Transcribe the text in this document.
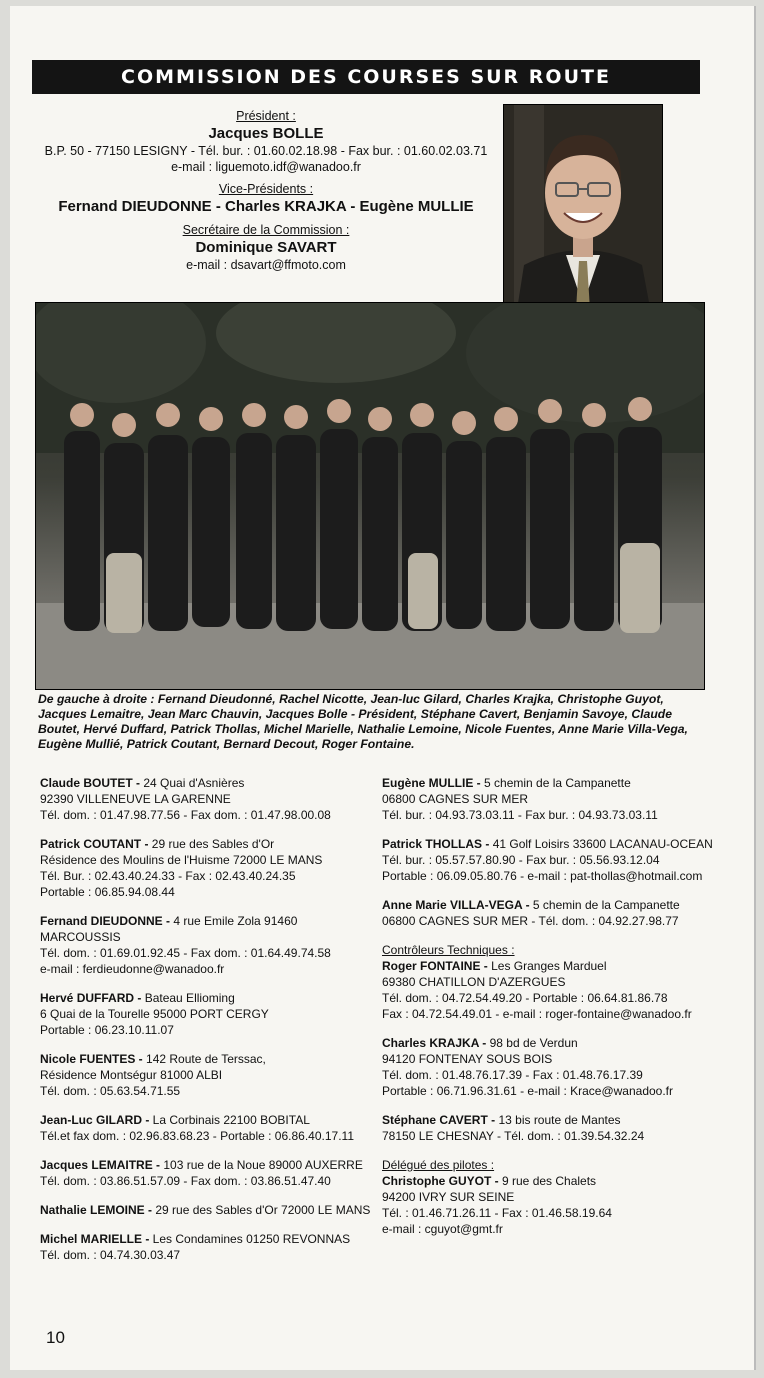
COMMISSION DES COURSES SUR ROUTE
Président :
Jacques BOLLE
B.P. 50 - 77150 LESIGNY - Tél. bur. : 01.60.02.18.98 - Fax bur. : 01.60.02.03.71
e-mail : liguemoto.idf@wanadoo.fr
Vice-Présidents :
Fernand DIEUDONNE - Charles KRAJKA - Eugène MULLIE
Secrétaire de la Commission :
Dominique SAVART
e-mail : dsavart@ffmoto.com
De gauche à droite : Fernand Dieudonné, Rachel Nicotte, Jean-luc Gilard, Charles Krajka, Christophe Guyot, Jacques Lemaitre, Jean Marc Chauvin, Jacques Bolle - Président, Stéphane Cavert, Benjamin Savoye, Claude Boutet, Hervé Duffard, Patrick Thollas, Michel Marielle, Nathalie Lemoine, Nicole Fuentes, Anne Marie Villa-Vega, Eugène Mullié, Patrick Coutant, Bernard Decout, Roger Fontaine.
Claude BOUTET - 24 Quai d'Asnières
92390 VILLENEUVE LA GARENNE
Tél. dom. : 01.47.98.77.56 - Fax dom. : 01.47.98.00.08
Patrick COUTANT - 29 rue des Sables d'Or
Résidence des Moulins de l'Huisme 72000 LE MANS
Tél. Bur. : 02.43.40.24.33 - Fax : 02.43.40.24.35
Portable : 06.85.94.08.44
Fernand DIEUDONNE - 4 rue Emile Zola 91460 MARCOUSSIS
Tél. dom. : 01.69.01.92.45 - Fax dom. : 01.64.49.74.58
e-mail : ferdieudonne@wanadoo.fr
Hervé DUFFARD - Bateau Ellioming
6 Quai de la Tourelle 95000 PORT CERGY
Portable : 06.23.10.11.07
Nicole FUENTES - 142 Route de Terssac,
Résidence Montségur 81000 ALBI
Tél. dom. : 05.63.54.71.55
Jean-Luc GILARD - La Corbinais 22100 BOBITAL
Tél.et fax dom. : 02.96.83.68.23 - Portable : 06.86.40.17.11
Jacques LEMAITRE - 103 rue de la Noue 89000 AUXERRE
Tél. dom. : 03.86.51.57.09 - Fax dom. : 03.86.51.47.40
Nathalie LEMOINE - 29 rue des Sables d'Or 72000 LE MANS
Michel MARIELLE - Les Condamines 01250 REVONNAS
Tél. dom. : 04.74.30.03.47
Eugène MULLIE - 5 chemin de la Campanette
06800 CAGNES SUR MER
Tél. bur. : 04.93.73.03.11 - Fax bur. : 04.93.73.03.11
Patrick THOLLAS - 41 Golf Loisirs 33600 LACANAU-OCEAN
Tél. bur. : 05.57.57.80.90 - Fax bur. : 05.56.93.12.04
Portable : 06.09.05.80.76 - e-mail : pat-thollas@hotmail.com
Anne Marie VILLA-VEGA - 5 chemin de la Campanette
06800 CAGNES SUR MER - Tél. dom. : 04.92.27.98.77
Contrôleurs Techniques :
Roger FONTAINE - Les Granges Marduel
69380 CHATILLON D'AZERGUES
Tél. dom. : 04.72.54.49.20 - Portable : 06.64.81.86.78
Fax : 04.72.54.49.01 - e-mail : roger-fontaine@wanadoo.fr
Charles KRAJKA - 98 bd de Verdun
94120 FONTENAY SOUS BOIS
Tél. dom. : 01.48.76.17.39 - Fax : 01.48.76.17.39
Portable : 06.71.96.31.61 - e-mail : Krace@wanadoo.fr
Stéphane CAVERT - 13 bis route de Mantes
78150 LE CHESNAY - Tél. dom. : 01.39.54.32.24
Délégué des pilotes :
Christophe GUYOT - 9 rue des Chalets
94200 IVRY SUR SEINE
Tél. : 01.46.71.26.11 - Fax : 01.46.58.19.64
e-mail : cguyot@gmt.fr
10
